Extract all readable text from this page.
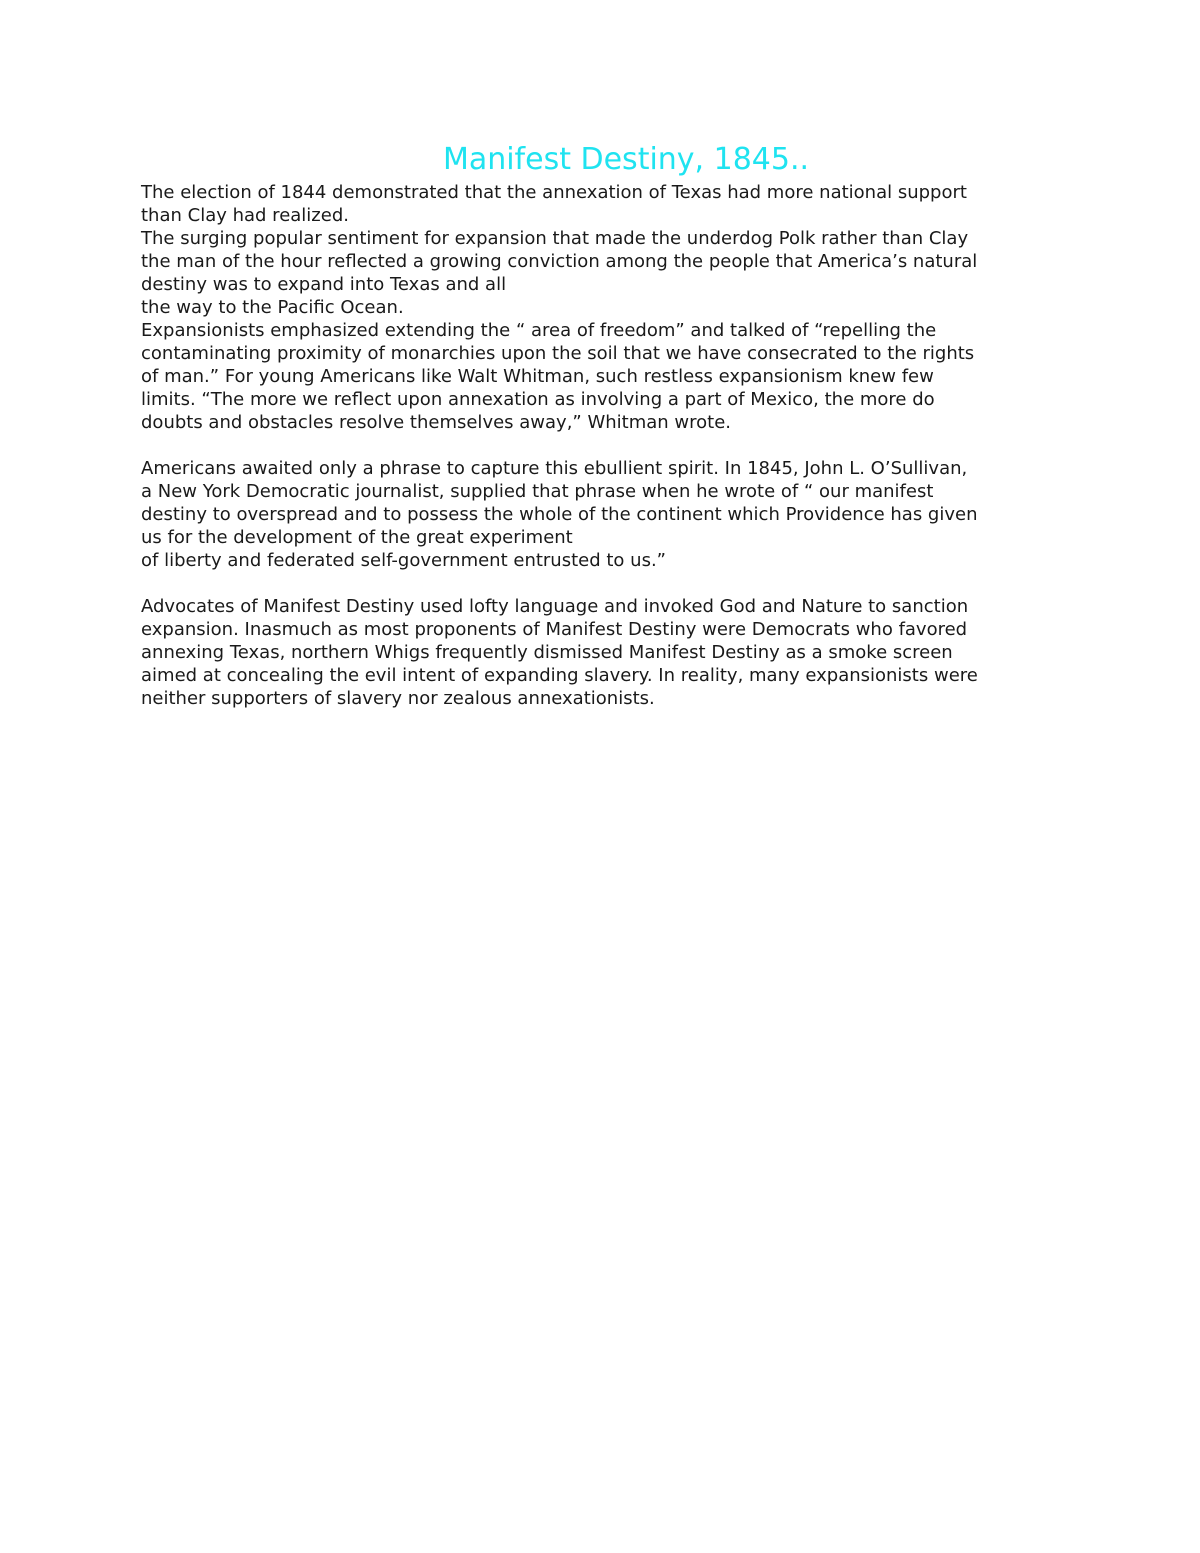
Manifest Destiny, 1845..

The election of 1844 demonstrated that the annexation of Texas had more national support
than Clay had realized.

The surging popular sentiment for expansion that made the underdog Polk rather than Clay
the man of the hour reflected a growing conviction among the people that America’s natural
destiny was to expand into Texas and all
the way to the Pacific Ocean.

Expansionists emphasized extending the “ area of freedom” and talked of “repelling the
contaminating proximity of monarchies upon the soil that we have consecrated to the rights
of man.” For young Americans like Walt Whitman, such restless expansionism knew few
limits. “The more we reflect upon annexation as involving a part of Mexico, the more do
doubts and obstacles resolve themselves away,” Whitman wrote.

Americans awaited only a phrase to capture this ebullient spirit. In 1845, John L. O’Sullivan,
a New York Democratic journalist, supplied that phrase when he wrote of “ our manifest
destiny to overspread and to possess the whole of the continent which Providence has given
us for the development of the great experiment
of liberty and federated self-government entrusted to us.”

Advocates of Manifest Destiny used lofty language and invoked God and Nature to sanction
expansion. Inasmuch as most proponents of Manifest Destiny were Democrats who favored
annexing Texas, northern Whigs frequently dismissed Manifest Destiny as a smoke screen
aimed at concealing the evil intent of expanding slavery. In reality, many expansionists were
neither supporters of slavery nor zealous annexationists.
